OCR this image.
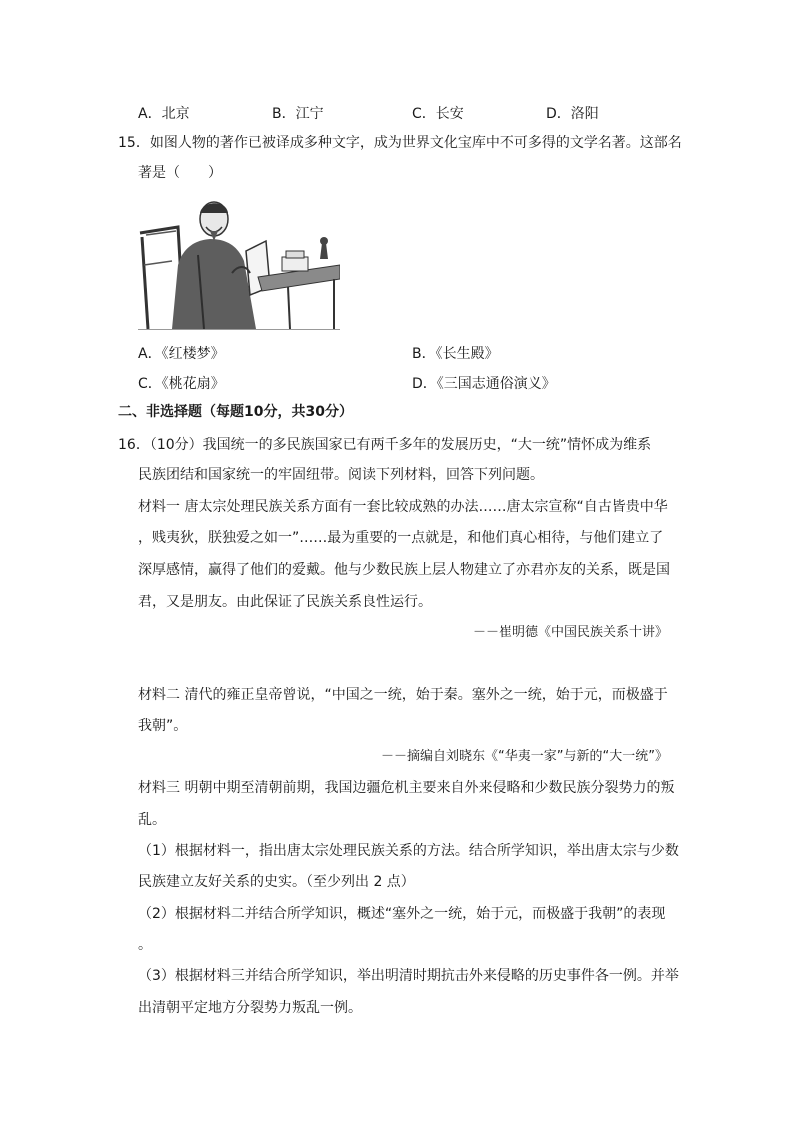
A．北京	B．江宁	C．长安	D．洛阳
15．如图人物的著作已被译成多种文字，成为世界文化宝库中不可多得的文学名著。这部名
著是（　　）
A．《红楼梦》	B．《长生殿》
C．《桃花扇》	D．《三国志通俗演义》
二、非选择题（每题10分，共30分）
16．（10分）我国统一的多民族国家已有两千多年的发展历史，“大一统”情怀成为维系
民族团结和国家统一的牢固纽带。阅读下列材料，回答下列问题。
材料一 唐太宗处理民族关系方面有一套比较成熟的办法……唐太宗宣称“自古皆贵中华
，贱夷狄，朕独爱之如一”……最为重要的一点就是，和他们真心相待，与他们建立了
深厚感情，赢得了他们的爱戴。他与少数民族上层人物建立了亦君亦友的关系，既是国
君，又是朋友。由此保证了民族关系良性运行。
－－崔明德《中国民族关系十讲》
材料二 清代的雍正皇帝曾说，“中国之一统，始于秦。塞外之一统，始于元，而极盛于
我朝”。
－－摘编自刘晓东《“华夷一家”与新的“大一统”》
材料三 明朝中期至清朝前期，我国边疆危机主要来自外来侵略和少数民族分裂势力的叛
乱。
（1）根据材料一，指出唐太宗处理民族关系的方法。结合所学知识，举出唐太宗与少数
民族建立友好关系的史实。（至少列出 2 点）
（2）根据材料二并结合所学知识，概述“塞外之一统，始于元，而极盛于我朝”的表现
。
（3）根据材料三并结合所学知识，举出明清时期抗击外来侵略的历史事件各一例。并举
出清朝平定地方分裂势力叛乱一例。
